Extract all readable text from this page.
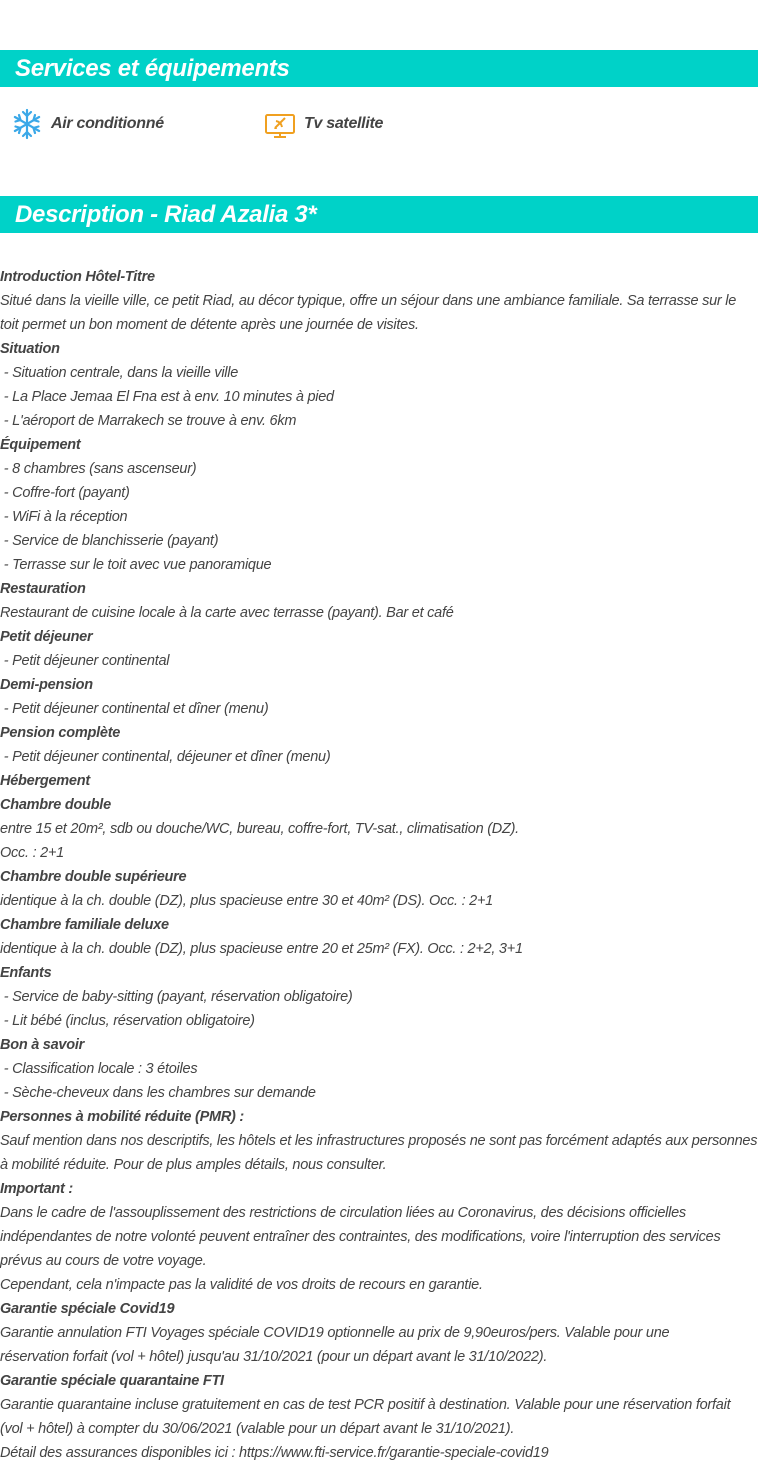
Services et équipements
Air conditionné	Tv satellite
Description - Riad Azalia 3*
Introduction Hôtel-Titre
Situé dans la vieille ville, ce petit Riad, au décor typique, offre un séjour dans une ambiance familiale. Sa terrasse sur le
toit permet un bon moment de détente après une journée de visites.
Situation
- Situation centrale, dans la vieille ville
- La Place Jemaa El Fna est à env. 10 minutes à pied
- L'aéroport de Marrakech se trouve à env. 6km
Équipement
- 8 chambres (sans ascenseur)
- Coffre-fort (payant)
- WiFi à la réception
- Service de blanchisserie (payant)
- Terrasse sur le toit avec vue panoramique
Restauration
Restaurant de cuisine locale à la carte avec terrasse (payant). Bar et café
Petit déjeuner
- Petit déjeuner continental
Demi-pension
- Petit déjeuner continental et dîner (menu)
Pension complète
- Petit déjeuner continental, déjeuner et dîner (menu)
Hébergement
Chambre double
entre 15 et 20m², sdb ou douche/WC, bureau, coffre-fort, TV-sat., climatisation (DZ).
Occ. : 2+1
Chambre double supérieure
identique à la ch. double (DZ), plus spacieuse entre 30 et 40m² (DS). Occ. : 2+1
Chambre familiale deluxe
identique à la ch. double (DZ), plus spacieuse entre 20 et 25m² (FX). Occ. : 2+2, 3+1
Enfants
- Service de baby-sitting (payant, réservation obligatoire)
- Lit bébé (inclus, réservation obligatoire)
Bon à savoir
- Classification locale : 3 étoiles
- Sèche-cheveux dans les chambres sur demande
Personnes à mobilité réduite (PMR) :
Sauf mention dans nos descriptifs, les hôtels et les infrastructures proposés ne sont pas forcément adaptés aux personnes
à mobilité réduite. Pour de plus amples détails, nous consulter.
Important :
Dans le cadre de l'assouplissement des restrictions de circulation liées au Coronavirus, des décisions officielles
indépendantes de notre volonté peuvent entraîner des contraintes, des modifications, voire l'interruption des services
prévus au cours de votre voyage.
Cependant, cela n'impacte pas la validité de vos droits de recours en garantie.
Garantie spéciale Covid19
Garantie annulation FTI Voyages spéciale COVID19 optionnelle au prix de 9,90euros/pers. Valable pour une
réservation forfait (vol + hôtel) jusqu'au 31/10/2021 (pour un départ avant le 31/10/2022).
Garantie spéciale quarantaine FTI
Garantie quarantaine incluse gratuitement en cas de test PCR positif à destination. Valable pour une réservation forfait
(vol + hôtel) à compter du 30/06/2021 (valable pour un départ avant le 31/10/2021).
Détail des assurances disponibles ici : https://www.fti-service.fr/garantie-speciale-covid19
